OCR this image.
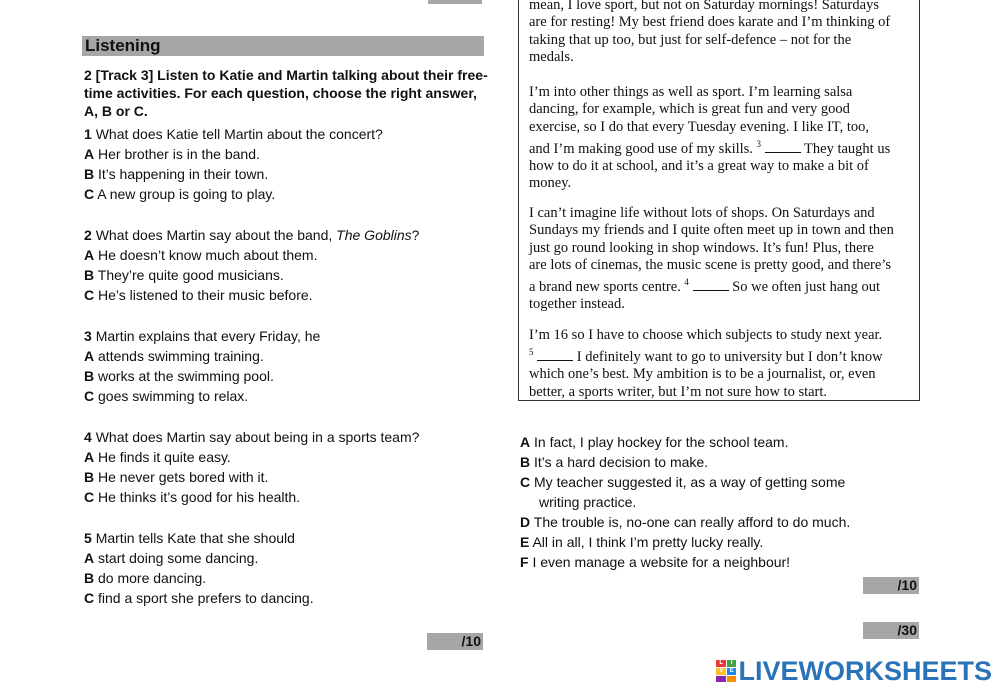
Listening
2 [Track 3] Listen to Katie and Martin talking about their free-time activities. For each question, choose the right answer, A, B or C.
1 What does Katie tell Martin about the concert?
A Her brother is in the band.
B It’s happening in their town.
C A new group is going to play.
2 What does Martin say about the band, The Goblins?
A He doesn’t know much about them.
B They’re quite good musicians.
C He’s listened to their music before.
3 Martin explains that every Friday, he
A attends swimming training.
B works at the swimming pool.
C goes swimming to relax.
4 What does Martin say about being in a sports team?
A He finds it quite easy.
B He never gets bored with it.
C He thinks it’s good for his health.
5 Martin tells Kate that she should
A start doing some dancing.
B do more dancing.
C find a sport she prefers to dancing.
/10
mean, I love sport, but not on Saturday mornings! Saturdays
are for resting! My best friend does karate and I’m thinking of
taking that up too, but just for self-defence – not for the
medals.
I’m into other things as well as sport. I’m learning salsa
dancing, for example, which is great fun and very good
exercise, so I do that every Tuesday evening. I like IT, too,
and I’m making good use of my skills. $^3$	They taught us
how to do it at school, and it’s a great way to make a bit of
money.
I can’t imagine life without lots of shops. On Saturdays and
Sundays my friends and I quite often meet up in town and then
just go round looking in shop windows. It’s fun! Plus, there
are lots of cinemas, the music scene is pretty good, and there’s
a brand new sports centre. $^4$	So we often just hang out
together instead.
I’m 16 so I have to choose which subjects to study next year.
$^5$	I definitely want to go to university but I don’t know
which one’s best. My ambition is to be a journalist, or, even
better, a sports writer, but I’m not sure how to start.
A In fact, I play hockey for the school team.
B It’s a hard decision to make.
C My teacher suggested it, as a way of getting some
writing practice.
D The trouble is, no-one can really afford to do much.
E All in all, I think I’m pretty lucky really.
F I even manage a website for a neighbour!
/10
/30
L	I
V	E LIVEWORKSHEETS
